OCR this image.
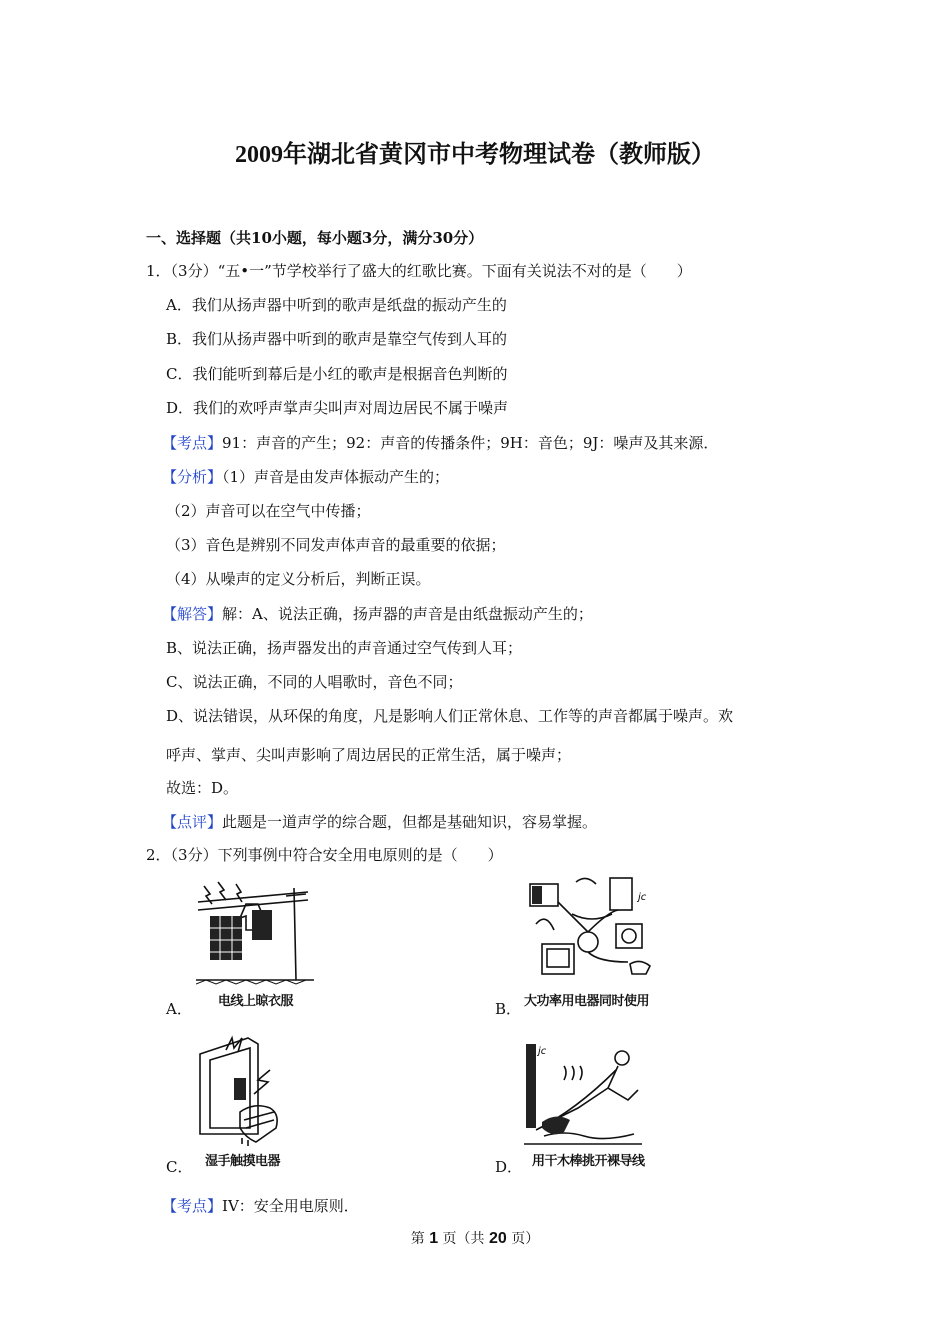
2009年湖北省黄冈市中考物理试卷（教师版）
一、选择题（共10小题，每小题3分，满分30分）
1．（3分）“五•一”节学校举行了盛大的红歌比赛。下面有关说法不对的是（　　）
A．我们从扬声器中听到的歌声是纸盘的振动产生的
B．我们从扬声器中听到的歌声是靠空气传到人耳的
C．我们能听到幕后是小红的歌声是根据音色判断的
D．我们的欢呼声掌声尖叫声对周边居民不属于噪声
【考点】91：声音的产生；92：声音的传播条件；9H：音色；9J：噪声及其来源．
【分析】（1）声音是由发声体振动产生的；
（2）声音可以在空气中传播；
（3）音色是辨别不同发声体声音的最重要的依据；
（4）从噪声的定义分析后，判断正误。
【解答】解：A、说法正确，扬声器的声音是由纸盘振动产生的；
B、说法正确，扬声器发出的声音通过空气传到人耳；
C、说法正确，不同的人唱歌时，音色不同；
D、说法错误，从环保的角度，凡是影响人们正常休息、工作等的声音都属于噪声。欢
呼声、掌声、尖叫声影响了周边居民的正常生活，属于噪声；
故选：D。
【点评】此题是一道声学的综合题，但都是基础知识，容易掌握。
2．（3分）下列事例中符合安全用电原则的是（　　）
A． 电线上晾衣服
jc
B． 大功率用电器同时使用
C． 湿手触摸电器
jc
D． 用干木棒挑开裸导线
【考点】IV：安全用电原则．
第 1 页（共 20 页）
